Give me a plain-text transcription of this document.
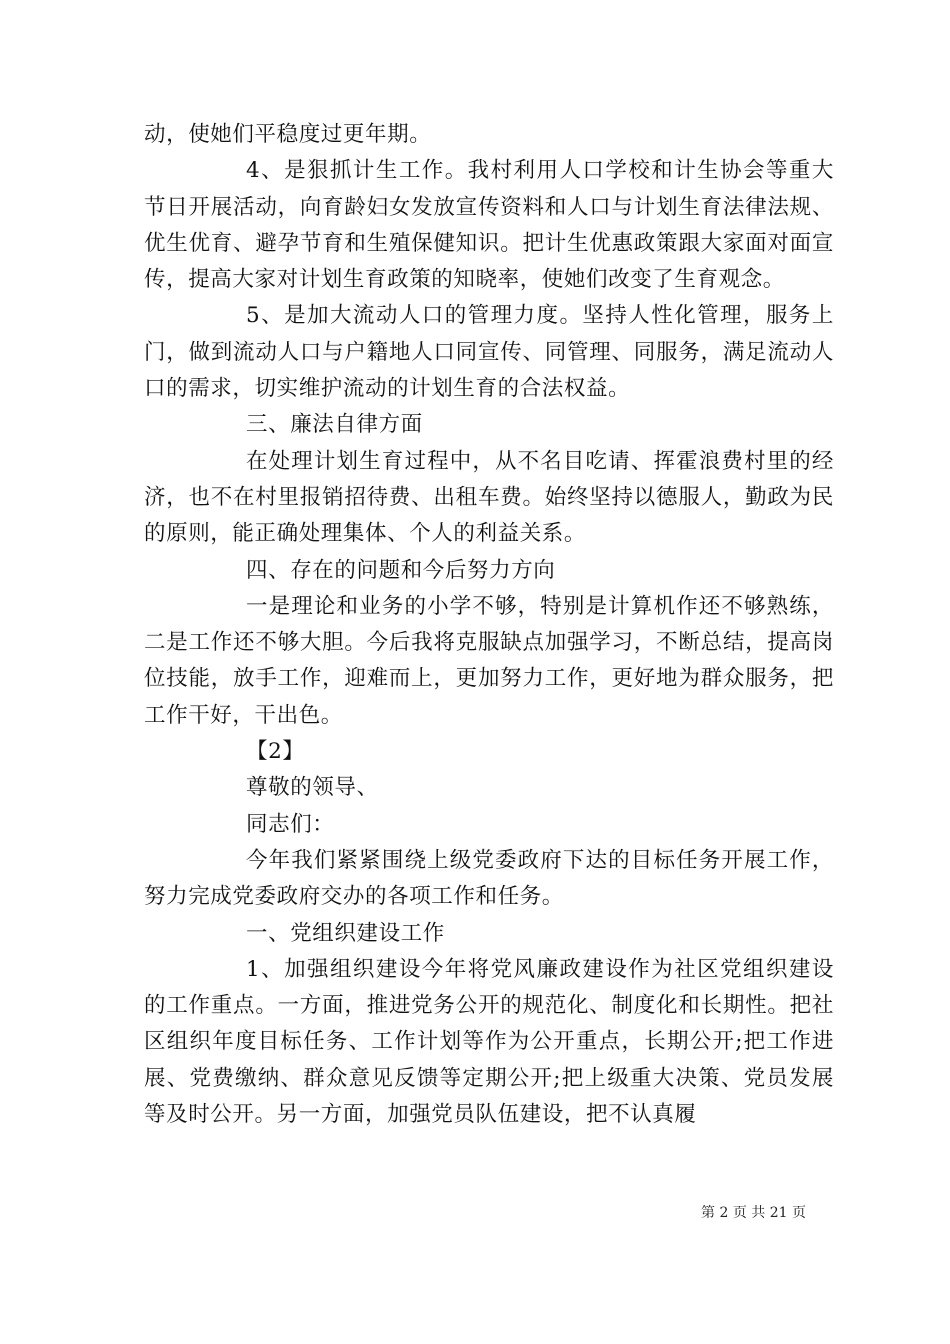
动，使她们平稳度过更年期。

4、是狠抓计生工作。我村利用人口学校和计生协会等重大节日开展活动，向育龄妇女发放宣传资料和人口与计划生育法律法规、优生优育、避孕节育和生殖保健知识。把计生优惠政策跟大家面对面宣传，提高大家对计划生育政策的知晓率，使她们改变了生育观念。

5、是加大流动人口的管理力度。坚持人性化管理，服务上门，做到流动人口与户籍地人口同宣传、同管理、同服务，满足流动人口的需求，切实维护流动的计划生育的合法权益。

三、廉法自律方面

在处理计划生育过程中，从不名目吃请、挥霍浪费村里的经济，也不在村里报销招待费、出租车费。始终坚持以德服人，勤政为民的原则，能正确处理集体、个人的利益关系。

四、存在的问题和今后努力方向

一是理论和业务的小学不够，特别是计算机作还不够熟练，二是工作还不够大胆。今后我将克服缺点加强学习，不断总结，提高岗位技能，放手工作，迎难而上，更加努力工作，更好地为群众服务，把工作干好，干出色。

【2】

尊敬的领导、

同志们：

今年我们紧紧围绕上级党委政府下达的目标任务开展工作，努力完成党委政府交办的各项工作和任务。

一、党组织建设工作

1、加强组织建设今年将党风廉政建设作为社区党组织建设的工作重点。一方面，推进党务公开的规范化、制度化和长期性。把社区组织年度目标任务、工作计划等作为公开重点，长期公开;把工作进展、党费缴纳、群众意见反馈等定期公开;把上级重大决策、党员发展等及时公开。另一方面，加强党员队伍建设，把不认真履

第 2 页 共 21 页
